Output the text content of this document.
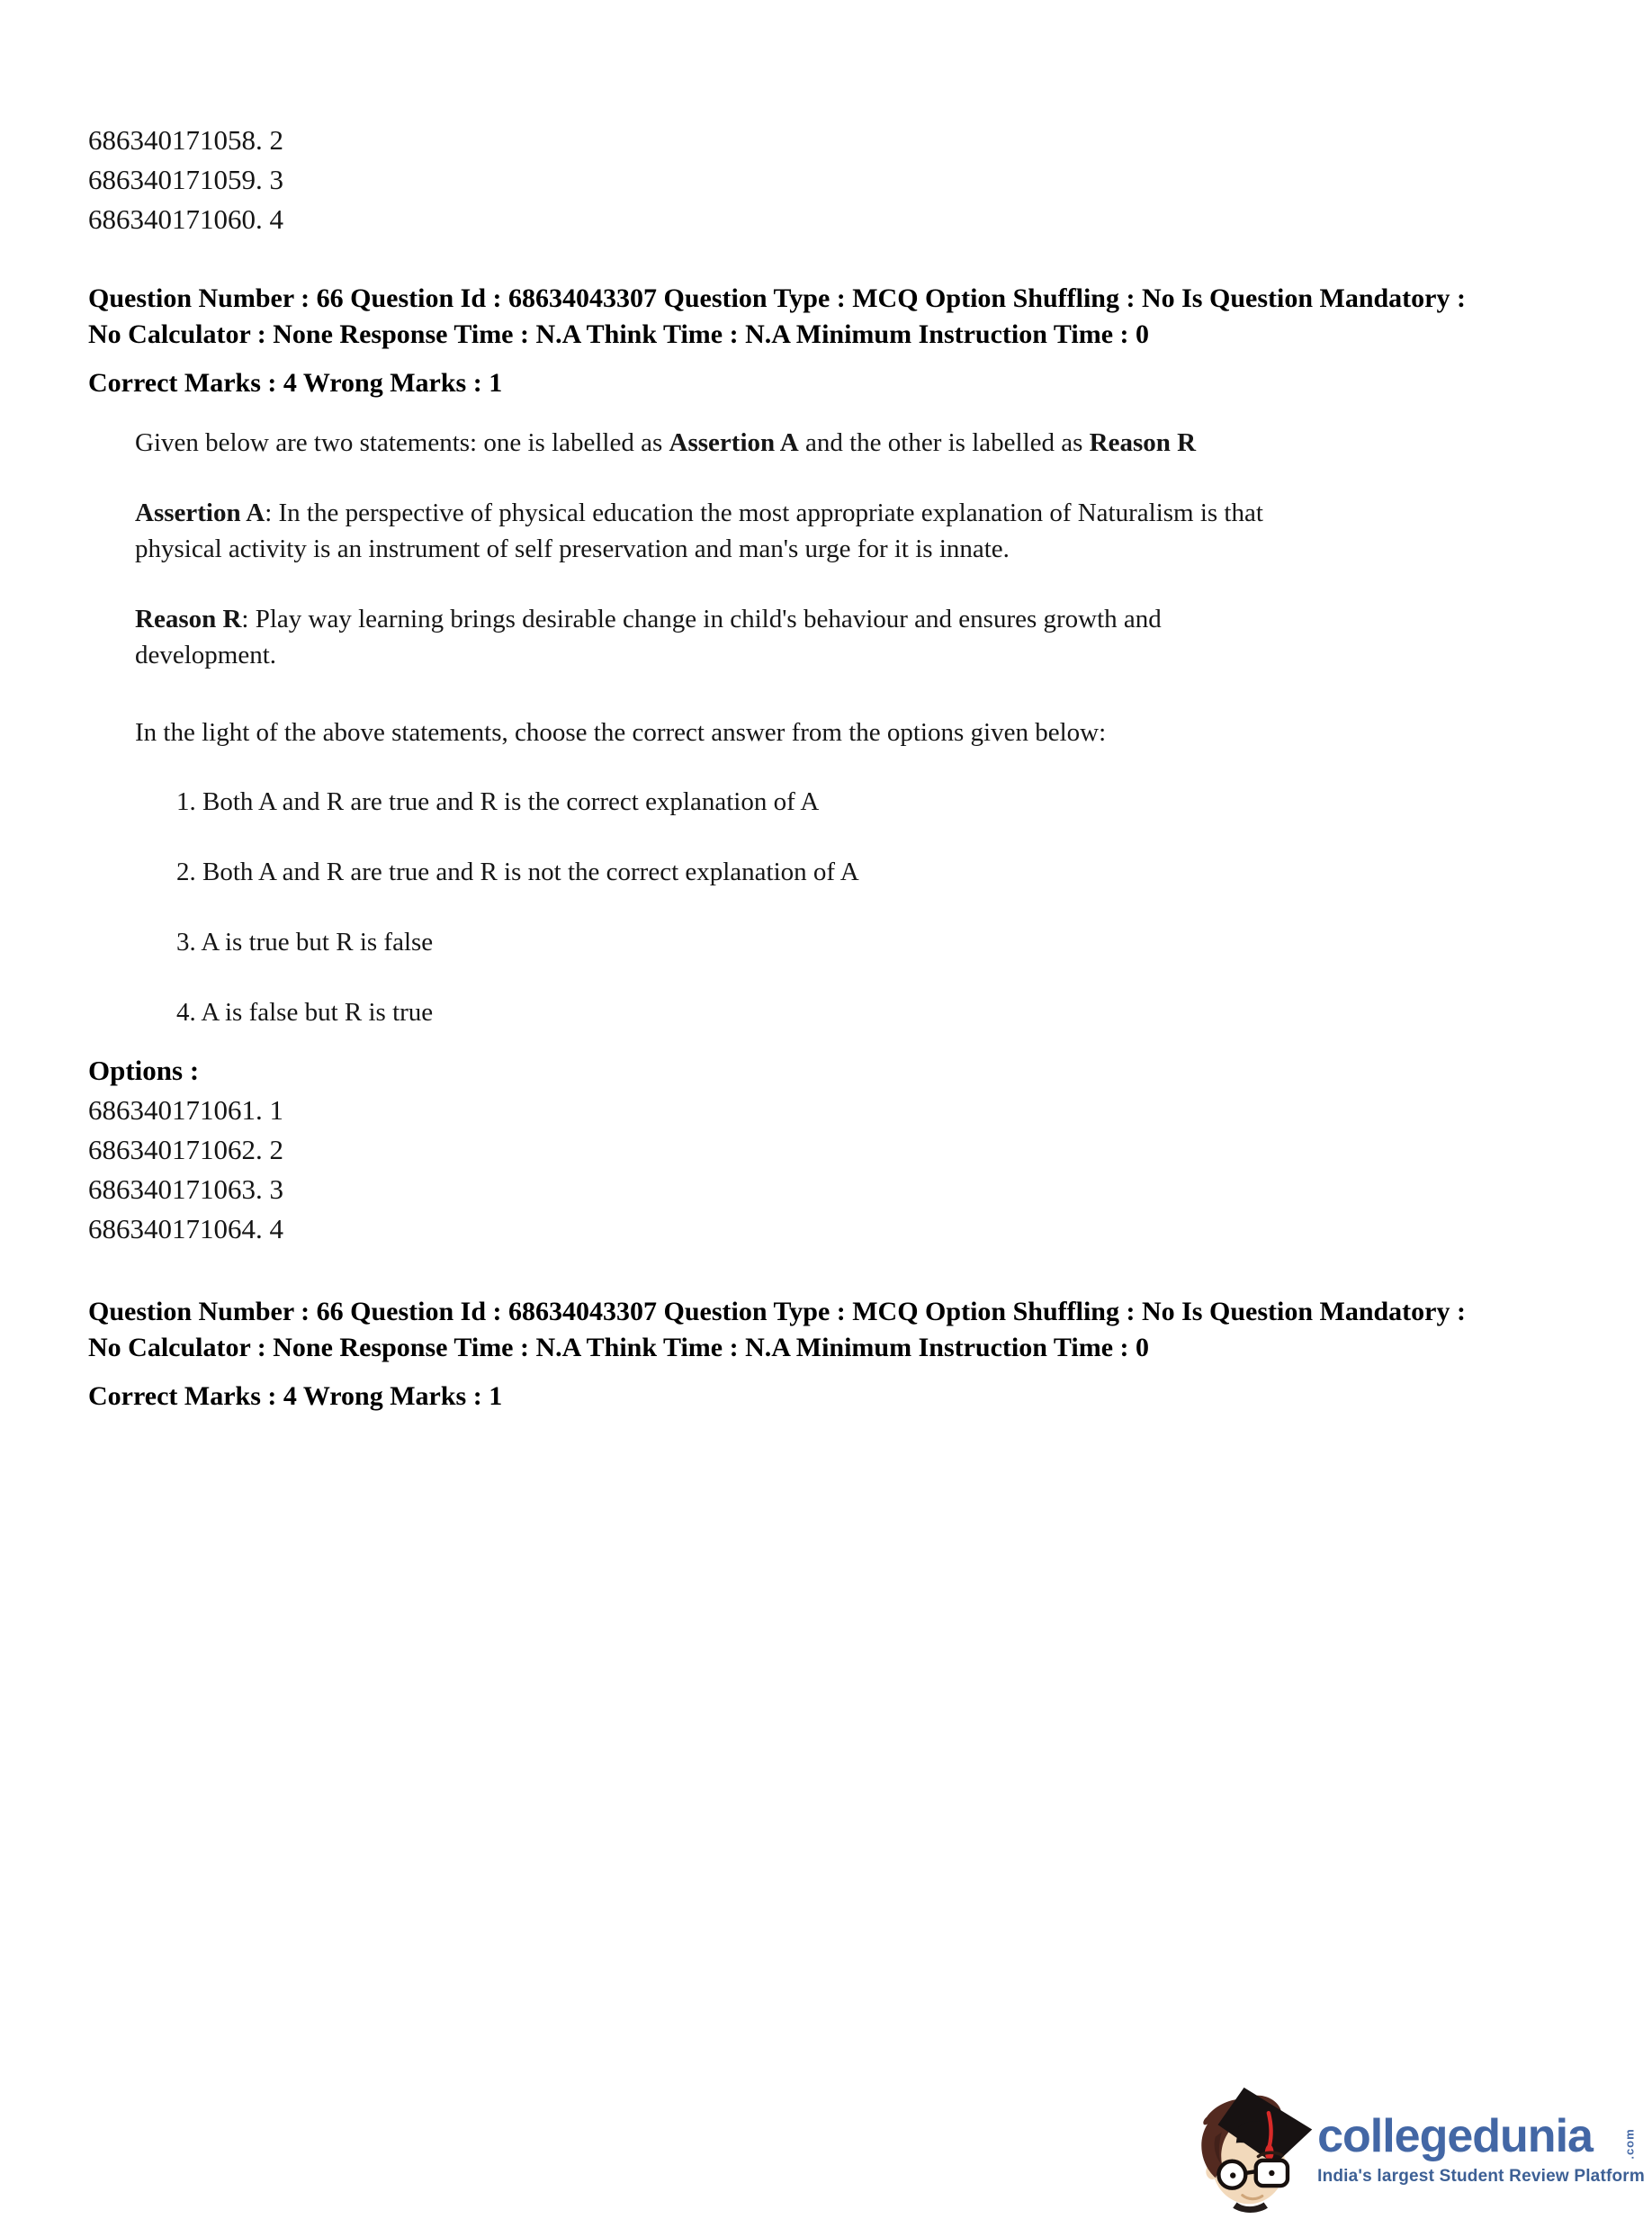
686340171058. 2
686340171059. 3
686340171060. 4
Question Number : 66 Question Id : 68634043307 Question Type : MCQ Option Shuffling : No Is Question Mandatory :
No Calculator : None Response Time : N.A Think Time : N.A Minimum Instruction Time : 0
Correct Marks : 4 Wrong Marks : 1
Given below are two statements: one is labelled as Assertion A and the other is labelled as Reason R
Assertion A: In the perspective of physical education the most appropriate explanation of Naturalism is that
physical activity is an instrument of self preservation and man's urge for it is innate.
Reason R: Play way learning brings desirable change in child's behaviour and ensures growth and
development.
In the light of the above statements, choose the correct answer from the options given below:
1. Both A and R are true and R is the correct explanation of A
2. Both A and R are true and R is not the correct explanation of A
3. A is true but R is false
4. A is false but R is true
Options :
686340171061. 1
686340171062. 2
686340171063. 3
686340171064. 4
Question Number : 66 Question Id : 68634043307 Question Type : MCQ Option Shuffling : No Is Question Mandatory :
No Calculator : None Response Time : N.A Think Time : N.A Minimum Instruction Time : 0
Correct Marks : 4 Wrong Marks : 1
collegedunia	.com
India's largest Student Review Platform
